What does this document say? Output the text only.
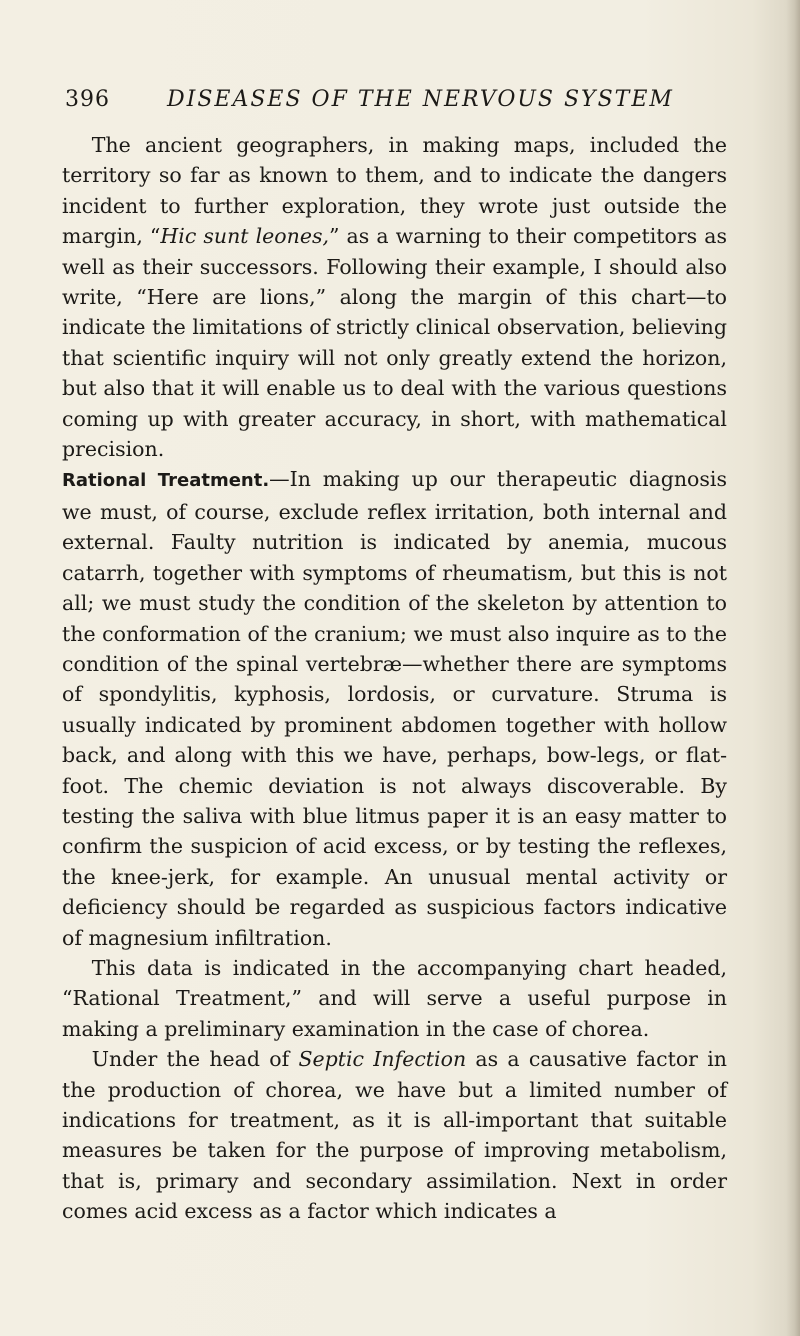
396	DISEASES OF THE NERVOUS SYSTEM

The ancient geographers, in making maps, included the territory so far as known to them, and to indicate the dangers incident to further exploration, they wrote just outside the margin, “Hic sunt leones,” as a warning to their competitors as well as their successors. Following their example, I should also write, “Here are lions,” along the margin of this chart—to indicate the limitations of strictly clinical observation, believing that scientific inquiry will not only greatly extend the horizon, but also that it will enable us to deal with the various questions coming up with greater accuracy, in short, with mathematical precision.

Rational Treatment.—In making up our therapeutic diagnosis we must, of course, exclude reflex irritation, both internal and external. Faulty nutrition is indicated by anemia, mucous catarrh, together with symptoms of rheumatism, but this is not all; we must study the condition of the skeleton by attention to the conformation of the cranium; we must also inquire as to the condition of the spinal vertebræ—whether there are symptoms of spondylitis, kyphosis, lordosis, or curvature. Struma is usually indicated by prominent abdomen together with hollow back, and along with this we have, perhaps, bow-legs, or flat-foot. The chemic deviation is not always discoverable. By testing the saliva with blue litmus paper it is an easy matter to confirm the suspicion of acid excess, or by testing the reflexes, the knee-jerk, for example. An unusual mental activity or deficiency should be regarded as suspicious factors indicative of magnesium infiltration.

This data is indicated in the accompanying chart headed, “Rational Treatment,” and will serve a useful purpose in making a preliminary examination in the case of chorea.

Under the head of Septic Infection as a causative factor in the production of chorea, we have but a limited number of indications for treatment, as it is all-important that suitable measures be taken for the purpose of improving metabolism, that is, primary and secondary assimilation. Next in order comes acid excess as a factor which indicates a
